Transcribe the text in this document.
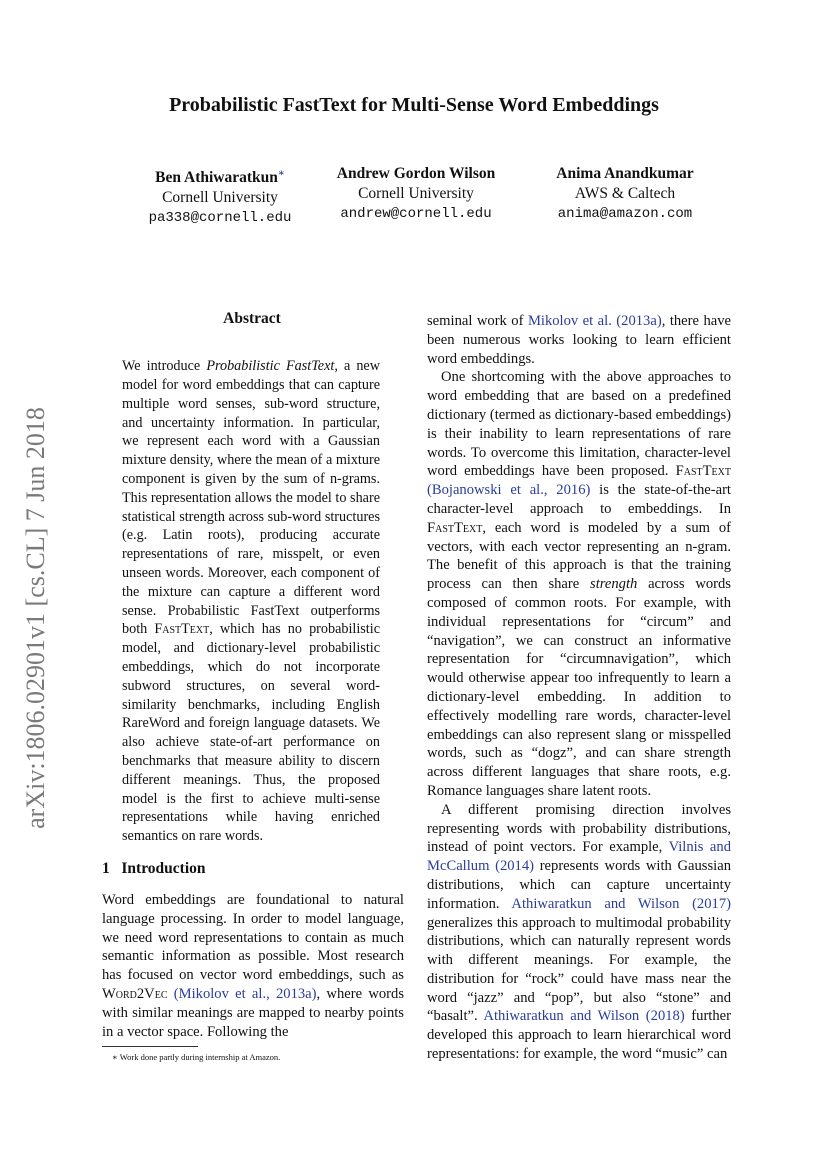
Probabilistic FastText for Multi-Sense Word Embeddings
Ben Athiwaratkun∗
Cornell University
pa338@cornell.edu
Andrew Gordon Wilson
Cornell University
andrew@cornell.edu
Anima Anandkumar
AWS & Caltech
anima@amazon.com
arXiv:1806.02901v1 [cs.CL] 7 Jun 2018
Abstract

We introduce Probabilistic FastText, a new model for word embeddings that can capture multiple word senses, sub-word structure, and uncertainty information. In particular, we represent each word with a Gaussian mixture density, where the mean of a mixture component is given by the sum of n-grams. This representation allows the model to share statistical strength across sub-word structures (e.g. Latin roots), producing accurate representations of rare, misspelt, or even unseen words. Moreover, each component of the mixture can capture a different word sense. Probabilistic FastText outperforms both FastText, which has no probabilistic model, and dictionary-level probabilistic embeddings, which do not incorporate subword structures, on several word-similarity benchmarks, including English RareWord and foreign language datasets. We also achieve state-of-art performance on benchmarks that measure ability to discern different meanings. Thus, the proposed model is the first to achieve multi-sense representations while having enriched semantics on rare words.

1 Introduction

Word embeddings are foundational to natural language processing. In order to model language, we need word representations to contain as much semantic information as possible. Most research has focused on vector word embeddings, such as Word2Vec (Mikolov et al., 2013a), where words with similar meanings are mapped to nearby points in a vector space. Following the

∗ Work done partly during internship at Amazon.

seminal work of Mikolov et al. (2013a), there have been numerous works looking to learn efficient word embeddings.

One shortcoming with the above approaches to word embedding that are based on a predefined dictionary (termed as dictionary-based embeddings) is their inability to learn representations of rare words. To overcome this limitation, character-level word embeddings have been proposed. FastText (Bojanowski et al., 2016) is the state-of-the-art character-level approach to embeddings. In FastText, each word is modeled by a sum of vectors, with each vector representing an n-gram. The benefit of this approach is that the training process can then share strength across words composed of common roots. For example, with individual representations for “circum” and “navigation”, we can construct an informative representation for “circumnavigation”, which would otherwise appear too infrequently to learn a dictionary-level embedding. In addition to effectively modelling rare words, character-level embeddings can also represent slang or misspelled words, such as “dogz”, and can share strength across different languages that share roots, e.g. Romance languages share latent roots.

A different promising direction involves representing words with probability distributions, instead of point vectors. For example, Vilnis and McCallum (2014) represents words with Gaussian distributions, which can capture uncertainty information. Athiwaratkun and Wilson (2017) generalizes this approach to multimodal probability distributions, which can naturally represent words with different meanings. For example, the distribution for “rock” could have mass near the word “jazz” and “pop”, but also “stone” and “basalt”. Athiwaratkun and Wilson (2018) further developed this approach to learn hierarchical word representations: for example, the word “music” can
